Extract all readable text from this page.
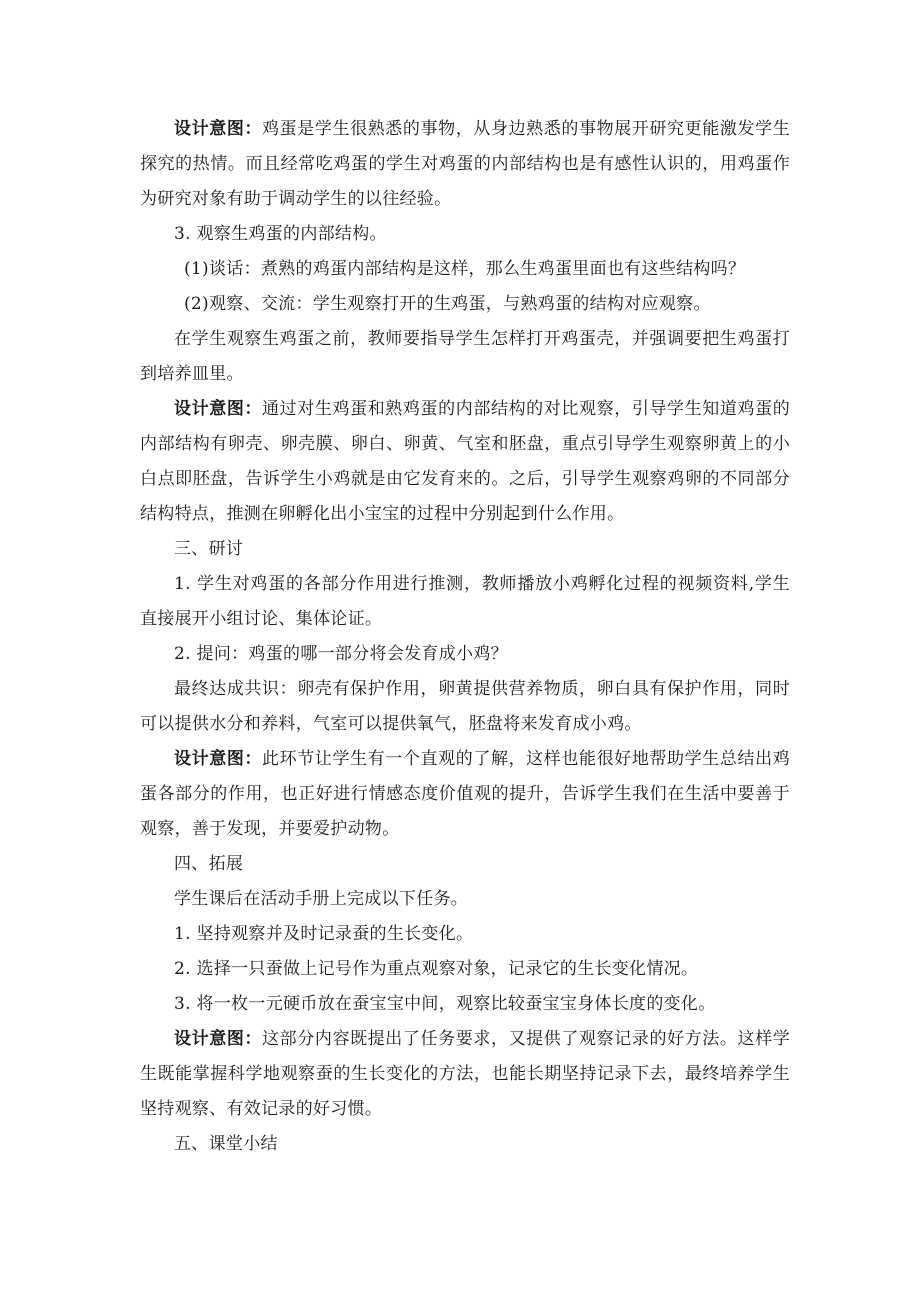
设计意图：鸡蛋是学生很熟悉的事物，从身边熟悉的事物展开研究更能激发学生探究的热情。而且经常吃鸡蛋的学生对鸡蛋的内部结构也是有感性认识的，用鸡蛋作为研究对象有助于调动学生的以往经验。

3. 观察生鸡蛋的内部结构。

(1)谈话：煮熟的鸡蛋内部结构是这样，那么生鸡蛋里面也有这些结构吗？

(2)观察、交流：学生观察打开的生鸡蛋，与熟鸡蛋的结构对应观察。

在学生观察生鸡蛋之前，教师要指导学生怎样打开鸡蛋壳，并强调要把生鸡蛋打到培养皿里。

设计意图：通过对生鸡蛋和熟鸡蛋的内部结构的对比观察，引导学生知道鸡蛋的内部结构有卵壳、卵壳膜、卵白、卵黄、气室和胚盘，重点引导学生观察卵黄上的小白点即胚盘，告诉学生小鸡就是由它发育来的。之后，引导学生观察鸡卵的不同部分结构特点，推测在卵孵化出小宝宝的过程中分别起到什么作用。

三、研讨

1. 学生对鸡蛋的各部分作用进行推测，教师播放小鸡孵化过程的视频资料,学生直接展开小组讨论、集体论证。

2. 提问：鸡蛋的哪一部分将会发育成小鸡？

最终达成共识：卵壳有保护作用，卵黄提供营养物质，卵白具有保护作用，同时可以提供水分和养料，气室可以提供氧气，胚盘将来发育成小鸡。

设计意图：此环节让学生有一个直观的了解，这样也能很好地帮助学生总结出鸡蛋各部分的作用，也正好进行情感态度价值观的提升，告诉学生我们在生活中要善于观察，善于发现，并要爱护动物。

四、拓展

学生课后在活动手册上完成以下任务。

1. 坚持观察并及时记录蚕的生长变化。

2. 选择一只蚕做上记号作为重点观察对象，记录它的生长变化情况。

3. 将一枚一元硬币放在蚕宝宝中间，观察比较蚕宝宝身体长度的变化。

设计意图：这部分内容既提出了任务要求，又提供了观察记录的好方法。这样学生既能掌握科学地观察蚕的生长变化的方法，也能长期坚持记录下去，最终培养学生坚持观察、有效记录的好习惯。

五、课堂小结
